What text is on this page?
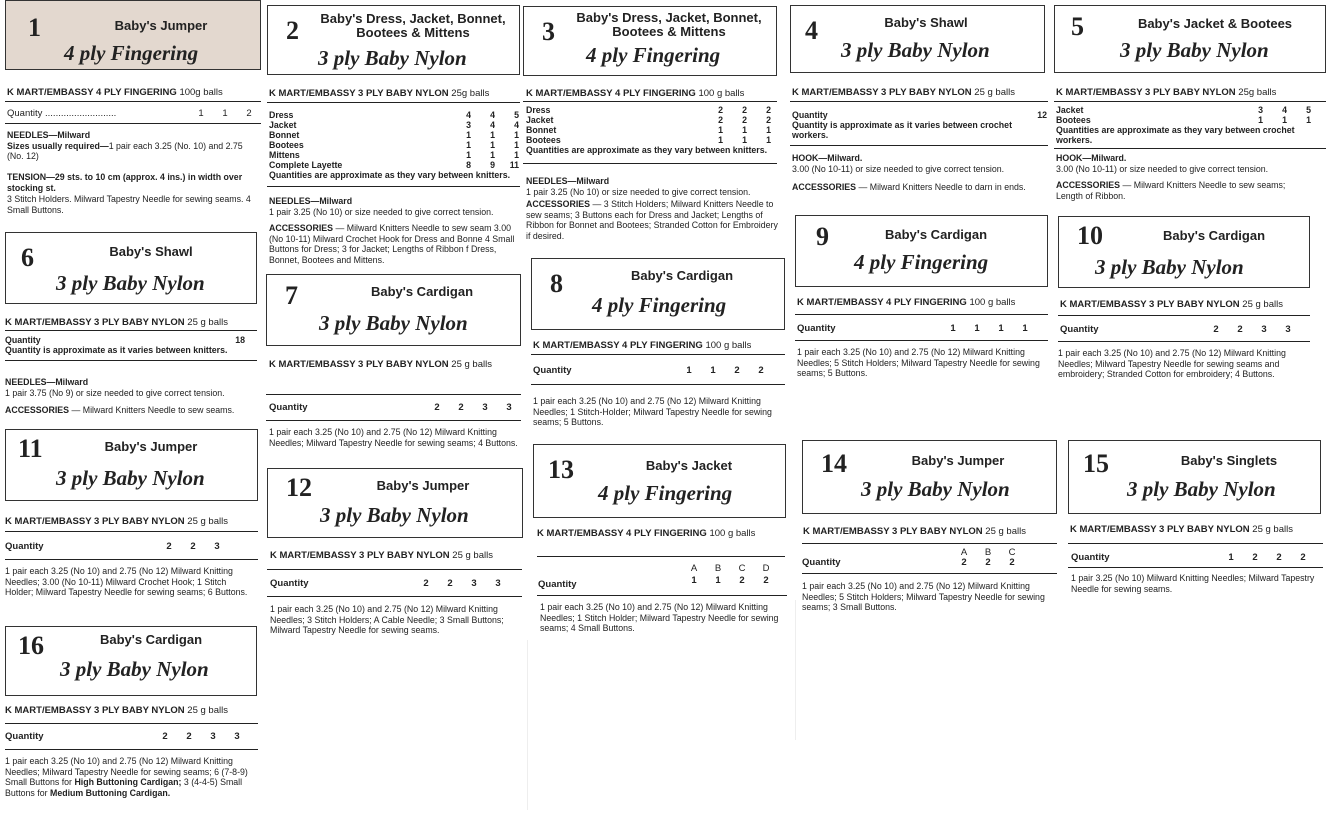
1	Baby's Jumper
4 ply Fingering
K MART/EMBASSY 4 PLY FINGERING 100g balls
Quantity ...........................	1	1	2
NEEDLES—Milward
Sizes usually required—1 pair each 3.25 (No. 10) and 2.75 (No. 12)
TENSION—29 sts. to 10 cm (approx. 4 ins.) in width over stocking st.
3 Stitch Holders. Milward Tapestry Needle for sewing seams. 4 Small Buttons.
2	Baby's Dress, Jacket, Bonnet, Bootees & Mittens
3 ply Baby Nylon
K MART/EMBASSY 3 PLY BABY NYLON 25g balls
Dress	4	4	5
Jacket	3	4	4
Bonnet	1	1	1
Bootees	1	1	1
Mittens	1	1	1
Complete Layette	8	9	11
Quantities are approximate as they vary between knitters.
NEEDLES—Milward
1 pair 3.25 (No 10) or size needed to give correct tension.
ACCESSORIES — Milward Knitters Needle to sew seam 3.00 (No 10-11) Milward Crochet Hook for Dress and Bonne 4 Small Buttons for Dress; 3 for Jacket; Lengths of Ribbon f Dress, Bonnet, Bootees and Mittens.
3	Baby's Dress, Jacket, Bonnet, Bootees & Mittens
4 ply Fingering
K MART/EMBASSY 4 PLY FINGERING 100 g balls
Dress	2	2	2
Jacket	2	2	2
Bonnet	1	1	1
Bootees	1	1	1
Quantities are approximate as they vary between knitters.
NEEDLES—Milward
1 pair 3.25 (No 10) or size needed to give correct tension.
ACCESSORIES — 3 Stitch Holders; Milward Knitters Needle to sew seams; 3 Buttons each for Dress and Jacket; Lengths of Ribbon for Bonnet and Bootees; Stranded Cotton for Embroidery if desired.
4	Baby's Shawl
3 ply Baby Nylon
K MART/EMBASSY 3 PLY BABY NYLON 25 g balls
Quantity	12
Quantity is approximate as it varies between crochet workers.
HOOK—Milward.
3.00 (No 10-11) or size needed to give correct tension.
ACCESSORIES — Milward Knitters Needle to darn in ends.
5	Baby's Jacket & Bootees
3 ply Baby Nylon
K MART/EMBASSY 3 PLY BABY NYLON 25g balls
Jacket	3	4	5
Bootees	1	1	1
Quantities are approximate as they vary between crochet workers.
HOOK—Milward.
3.00 (No 10-11) or size needed to give correct tension.
ACCESSORIES — Milward Knitters Needle to sew seams; Length of Ribbon.
6	Baby's Shawl
3 ply Baby Nylon
K MART/EMBASSY 3 PLY BABY NYLON 25 g balls
Quantity	18
Quantity is approximate as it varies between knitters.
NEEDLES—Milward
1 pair 3.75 (No 9) or size needed to give correct tension.
ACCESSORIES — Milward Knitters Needle to sew seams.
7	Baby's Cardigan
3 ply Baby Nylon
K MART/EMBASSY 3 PLY BABY NYLON 25 g balls
Quantity	2	2	3	3
1 pair each 3.25 (No 10) and 2.75 (No 12) Milward Knitting Needles; Milward Tapestry Needle for sewing seams; 4 Buttons.
8	Baby's Cardigan
4 ply Fingering
K MART/EMBASSY 4 PLY FINGERING 100 g balls
Quantity	1	1	2	2
1 pair each 3.25 (No 10) and 2.75 (No 12) Milward Knitting Needles; 1 Stitch-Holder; Milward Tapestry Needle for sewing seams; 5 Buttons.
9	Baby's Cardigan
4 ply Fingering
K MART/EMBASSY 4 PLY FINGERING 100 g balls
Quantity	1	1	1	1
1 pair each 3.25 (No 10) and 2.75 (No 12) Milward Knitting Needles; 5 Stitch Holders; Milward Tapestry Needle for sewing seams; 5 Buttons.
10	Baby's Cardigan
3 ply Baby Nylon
K MART/EMBASSY 3 PLY BABY NYLON 25 g balls
Quantity	2	2	3	3
1 pair each 3.25 (No 10) and 2.75 (No 12) Milward Knitting Needles; Milward Tapestry Needle for sewing seams and embroidery; Stranded Cotton for embroidery; 4 Buttons.
11	Baby's Jumper
3 ply Baby Nylon
K MART/EMBASSY 3 PLY BABY NYLON 25 g balls
Quantity	2	2	3
1 pair each 3.25 (No 10) and 2.75 (No 12) Milward Knitting Needles; 3.00 (No 10-11) Milward Crochet Hook; 1 Stitch Holder; Milward Tapestry Needle for sewing seams; 6 Buttons.
12	Baby's Jumper
3 ply Baby Nylon
K MART/EMBASSY 3 PLY BABY NYLON 25 g balls
Quantity	2	2	3	3
1 pair each 3.25 (No 10) and 2.75 (No 12) Milward Knitting Needles; 3 Stitch Holders; A Cable Needle; 3 Small Buttons; Milward Tapestry Needle for sewing seams.
13	Baby's Jacket
4 ply Fingering
K MART/EMBASSY 4 PLY FINGERING 100 g balls
A	B	C	D
Quantity	1	1	2	2
1 pair each 3.25 (No 10) and 2.75 (No 12) Milward Knitting Needles; 1 Stitch Holder; Milward Tapestry Needle for sewing seams; 4 Small Buttons.
14	Baby's Jumper
3 ply Baby Nylon
K MART/EMBASSY 3 PLY BABY NYLON 25 g balls
A	B	C
Quantity	2	2	2
1 pair each 3.25 (No 10) and 2.75 (No 12) Milward Knitting Needles; 5 Stitch Holders; Milward Tapestry Needle for sewing seams; 3 Small Buttons.
15	Baby's Singlets
3 ply Baby Nylon
K MART/EMBASSY 3 PLY BABY NYLON 25 g balls
Quantity	1	2	2	2
1 pair 3.25 (No 10) Milward Knitting Needles; Milward Tapestry Needle for sewing seams.
16	Baby's Cardigan
3 ply Baby Nylon
K MART/EMBASSY 3 PLY BABY NYLON 25 g balls
Quantity	2	2	3	3
1 pair each 3.25 (No 10) and 2.75 (No 12) Milward Knitting Needles; Milward Tapestry Needle for sewing seams; 6 (7-8-9) Small Buttons for High Buttoning Cardigan; 3 (4-4-5) Small Buttons for Medium Buttoning Cardigan.
